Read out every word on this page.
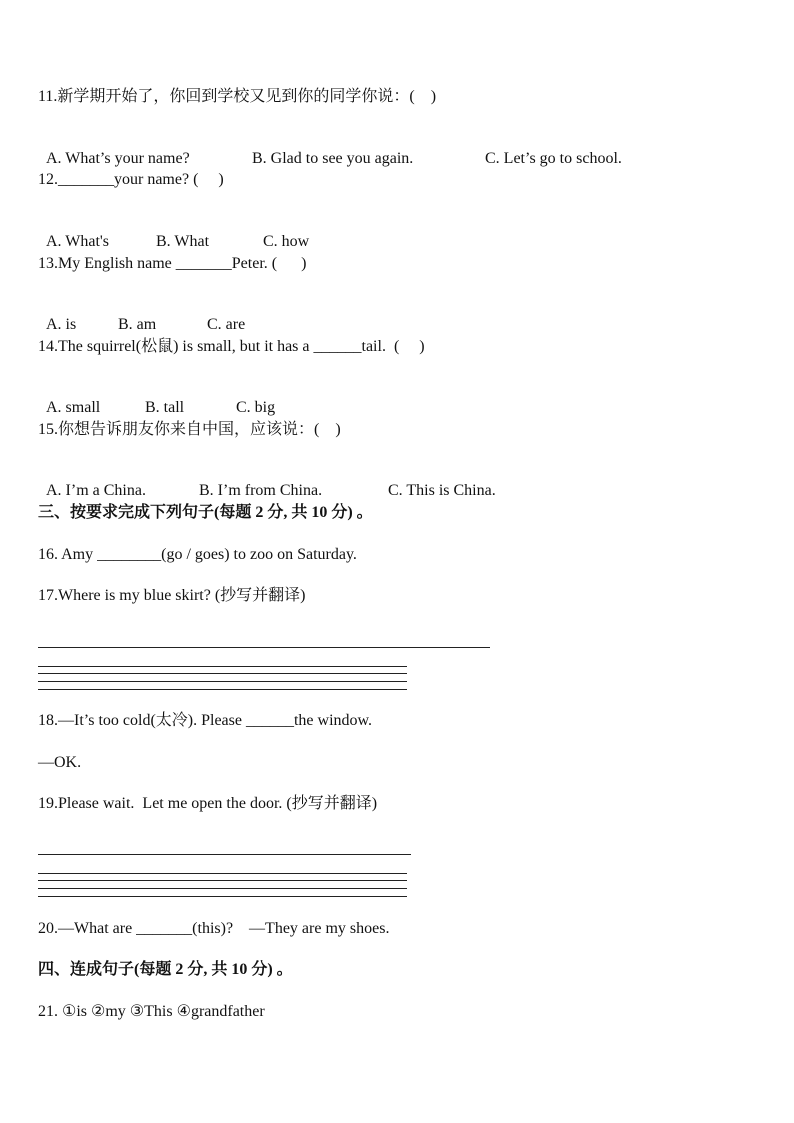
11.新学期开始了，你回到学校又见到你的同学你说：(    )

A. What’s your name?	B. Glad to see you again.	C. Let’s go to school.

12._______your name? (     )

A. What's	B. What	C. how

13.My English name _______Peter. (      )

A. is	B. am	C. are

14.The squirrel(松鼠) is small, but it has a ______tail.  (     )

A. small	B. tall	C. big

15.你想告诉朋友你来自中国，应该说：(    )

A. I’m a China.	B. I’m from China.	C. This is China.

三、按要求完成下列句子(每题 2 分, 共 10 分) 。
16. Amy ________(go / goes) to zoo on Saturday.
17.Where is my blue skirt? (抄写并翻译)
18.—It’s too cold(太冷). Please ______the window.
—OK.
19.Please wait.  Let me open the door. (抄写并翻译)
20.—What are _______(this)?    —They are my shoes.
四、连成句子(每题 2 分, 共 10 分) 。
21. ①is ②my ③This ④grandfather
